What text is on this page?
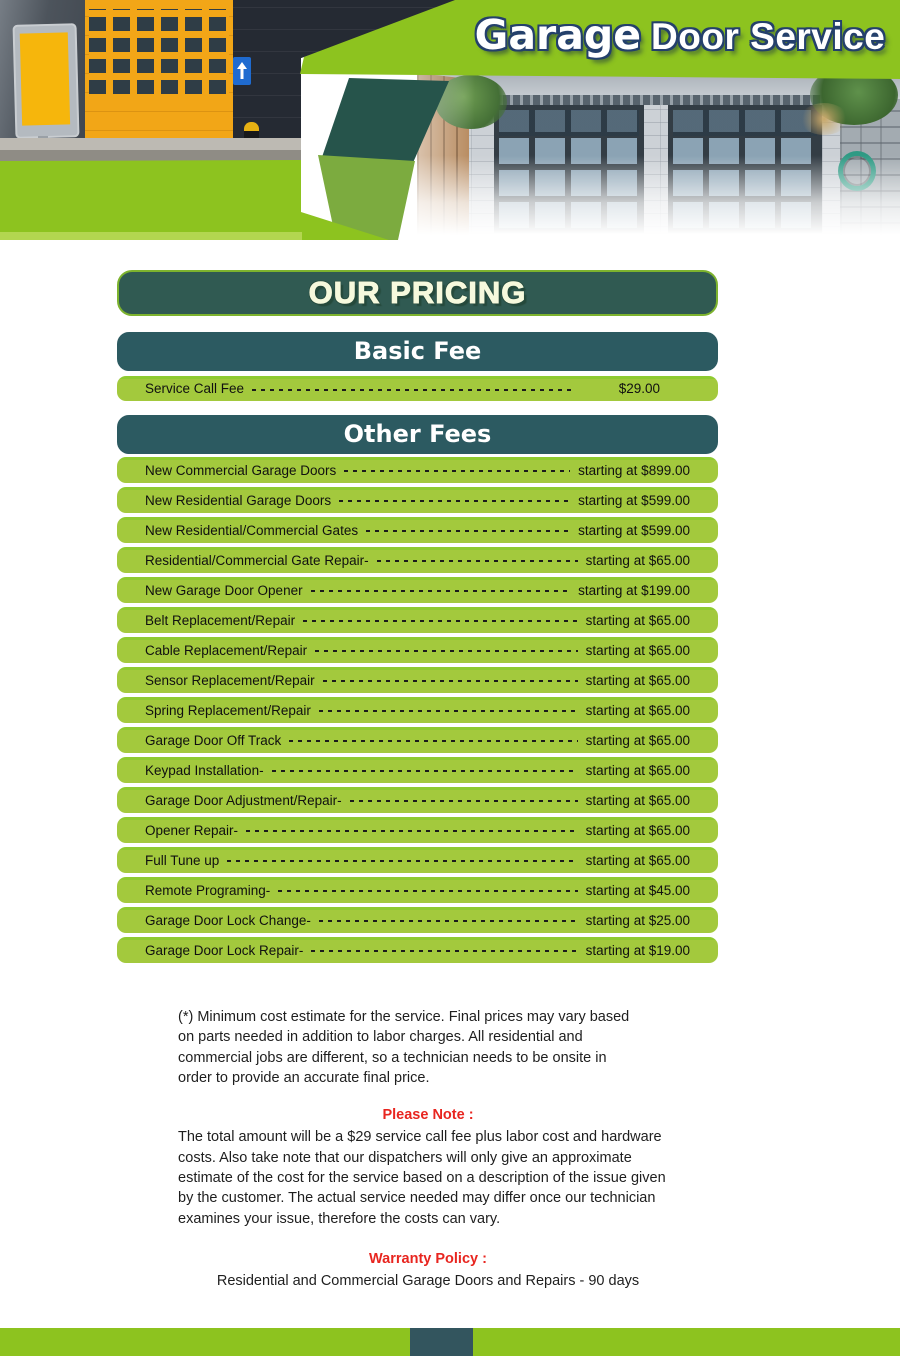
Garage Door Service
OUR PRICING
Basic Fee
Service Call Fee	$29.00
Other Fees
New Commercial Garage Doors	starting at $899.00
New Residential Garage Doors	starting at $599.00
New Residential/Commercial Gates	starting at $599.00
Residential/Commercial Gate Repair-	starting at $65.00
New Garage Door Opener	starting at $199.00
Belt Replacement/Repair	starting at $65.00
Cable Replacement/Repair	starting at $65.00
Sensor Replacement/Repair	starting at $65.00
Spring Replacement/Repair	starting at $65.00
Garage Door Off Track	starting at $65.00
Keypad Installation-	starting at $65.00
Garage Door Adjustment/Repair-	starting at $65.00
Opener Repair-	starting at $65.00
Full Tune up	starting at $65.00
Remote Programing-	starting at $45.00
Garage Door Lock Change-	starting at $25.00
Garage Door Lock Repair-	starting at $19.00

(*) Minimum cost estimate for the service. Final prices may vary based on parts needed in addition to labor charges. All residential and commercial jobs are different, so a technician needs to be onsite in order to provide an accurate final price.

Please Note :

The total amount will be a $29 service call fee plus labor cost and hardware costs. Also take note that our dispatchers will only give an approximate estimate of the cost for the service based on a description of the issue given by the customer. The actual service needed may differ once our technician examines your issue, therefore the costs can vary.

Warranty Policy :

Residential and Commercial Garage Doors and Repairs - 90 days
